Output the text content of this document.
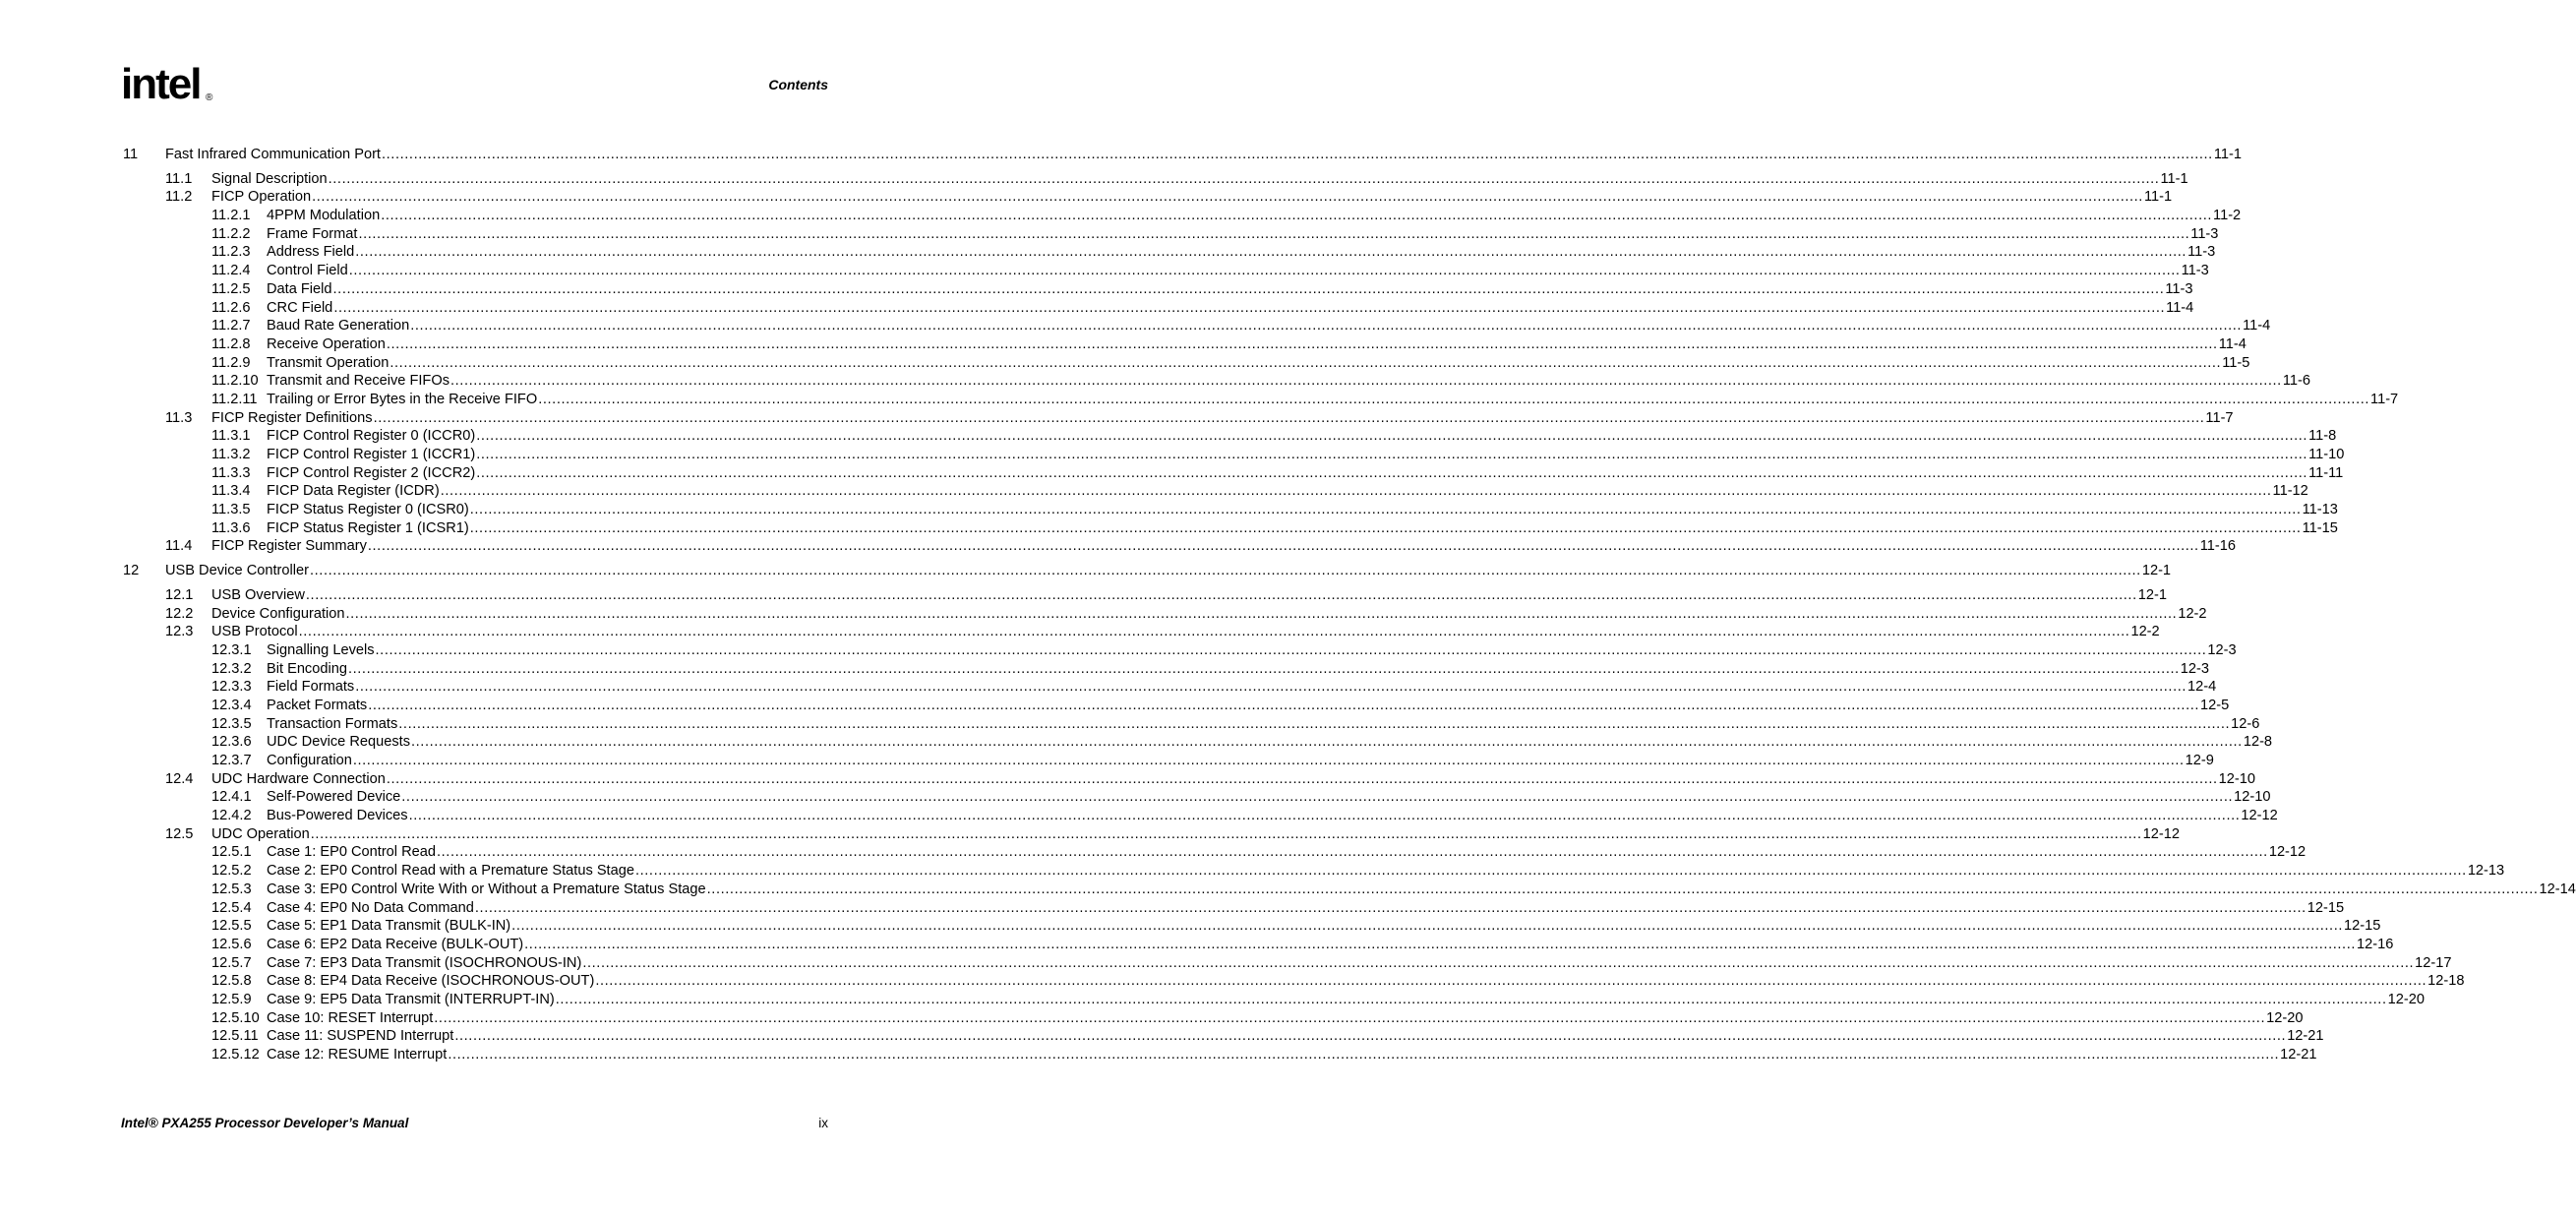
intel ®
Contents
11 Fast Infrared Communication Port ................................................................................................................................................................................................................................................................................................................................................................................................................ 11-1
11.1 Signal Description ................................................................................................................................................................................................................................................................................................................................................................................................................ 11-1
11.2 FICP Operation ................................................................................................................................................................................................................................................................................................................................................................................................................ 11-1
11.2.1 4PPM Modulation ................................................................................................................................................................................................................................................................................................................................................................................................................ 11-2
11.2.2 Frame Format ................................................................................................................................................................................................................................................................................................................................................................................................................ 11-3
11.2.3 Address Field ................................................................................................................................................................................................................................................................................................................................................................................................................ 11-3
11.2.4 Control Field ................................................................................................................................................................................................................................................................................................................................................................................................................ 11-3
11.2.5 Data Field ................................................................................................................................................................................................................................................................................................................................................................................................................ 11-3
11.2.6 CRC Field ................................................................................................................................................................................................................................................................................................................................................................................................................ 11-4
11.2.7 Baud Rate Generation ................................................................................................................................................................................................................................................................................................................................................................................................................ 11-4
11.2.8 Receive Operation ................................................................................................................................................................................................................................................................................................................................................................................................................ 11-4
11.2.9 Transmit Operation ................................................................................................................................................................................................................................................................................................................................................................................................................ 11-5
11.2.10 Transmit and Receive FIFOs ................................................................................................................................................................................................................................................................................................................................................................................................................ 11-6
11.2.11 Trailing or Error Bytes in the Receive FIFO ................................................................................................................................................................................................................................................................................................................................................................................................................ 11-7
11.3 FICP Register Definitions ................................................................................................................................................................................................................................................................................................................................................................................................................ 11-7
11.3.1 FICP Control Register 0 (ICCR0) ................................................................................................................................................................................................................................................................................................................................................................................................................ 11-8
11.3.2 FICP Control Register 1 (ICCR1) ................................................................................................................................................................................................................................................................................................................................................................................................................ 11-10
11.3.3 FICP Control Register 2 (ICCR2) ................................................................................................................................................................................................................................................................................................................................................................................................................ 11-11
11.3.4 FICP Data Register (ICDR) ................................................................................................................................................................................................................................................................................................................................................................................................................ 11-12
11.3.5 FICP Status Register 0 (ICSR0) ................................................................................................................................................................................................................................................................................................................................................................................................................ 11-13
11.3.6 FICP Status Register 1 (ICSR1) ................................................................................................................................................................................................................................................................................................................................................................................................................ 11-15
11.4 FICP Register Summary ................................................................................................................................................................................................................................................................................................................................................................................................................ 11-16
12 USB Device Controller ................................................................................................................................................................................................................................................................................................................................................................................................................ 12-1
12.1 USB Overview ................................................................................................................................................................................................................................................................................................................................................................................................................ 12-1
12.2 Device Configuration ................................................................................................................................................................................................................................................................................................................................................................................................................ 12-2
12.3 USB Protocol ................................................................................................................................................................................................................................................................................................................................................................................................................ 12-2
12.3.1 Signalling Levels ................................................................................................................................................................................................................................................................................................................................................................................................................ 12-3
12.3.2 Bit Encoding ................................................................................................................................................................................................................................................................................................................................................................................................................ 12-3
12.3.3 Field Formats ................................................................................................................................................................................................................................................................................................................................................................................................................ 12-4
12.3.4 Packet Formats ................................................................................................................................................................................................................................................................................................................................................................................................................ 12-5
12.3.5 Transaction Formats ................................................................................................................................................................................................................................................................................................................................................................................................................ 12-6
12.3.6 UDC Device Requests ................................................................................................................................................................................................................................................................................................................................................................................................................ 12-8
12.3.7 Configuration ................................................................................................................................................................................................................................................................................................................................................................................................................ 12-9
12.4 UDC Hardware Connection ................................................................................................................................................................................................................................................................................................................................................................................................................ 12-10
12.4.1 Self-Powered Device ................................................................................................................................................................................................................................................................................................................................................................................................................ 12-10
12.4.2 Bus-Powered Devices ................................................................................................................................................................................................................................................................................................................................................................................................................ 12-12
12.5 UDC Operation ................................................................................................................................................................................................................................................................................................................................................................................................................ 12-12
12.5.1 Case 1: EP0 Control Read ................................................................................................................................................................................................................................................................................................................................................................................................................ 12-12
12.5.2 Case 2: EP0 Control Read with a Premature Status Stage ................................................................................................................................................................................................................................................................................................................................................................................................................ 12-13
12.5.3 Case 3: EP0 Control Write With or Without a Premature Status Stage ................................................................................................................................................................................................................................................................................................................................................................................................................ 12-14
12.5.4 Case 4: EP0 No Data Command ................................................................................................................................................................................................................................................................................................................................................................................................................ 12-15
12.5.5 Case 5: EP1 Data Transmit (BULK-IN) ................................................................................................................................................................................................................................................................................................................................................................................................................ 12-15
12.5.6 Case 6: EP2 Data Receive (BULK-OUT) ................................................................................................................................................................................................................................................................................................................................................................................................................ 12-16
12.5.7 Case 7: EP3 Data Transmit (ISOCHRONOUS-IN) ................................................................................................................................................................................................................................................................................................................................................................................................................ 12-17
12.5.8 Case 8: EP4 Data Receive (ISOCHRONOUS-OUT) ................................................................................................................................................................................................................................................................................................................................................................................................................ 12-18
12.5.9 Case 9: EP5 Data Transmit (INTERRUPT-IN) ................................................................................................................................................................................................................................................................................................................................................................................................................ 12-20
12.5.10 Case 10: RESET Interrupt ................................................................................................................................................................................................................................................................................................................................................................................................................ 12-20
12.5.11 Case 11: SUSPEND Interrupt ................................................................................................................................................................................................................................................................................................................................................................................................................ 12-21
12.5.12 Case 12: RESUME Interrupt ................................................................................................................................................................................................................................................................................................................................................................................................................ 12-21
Intel® PXA255 Processor Developer’s Manual	ix
